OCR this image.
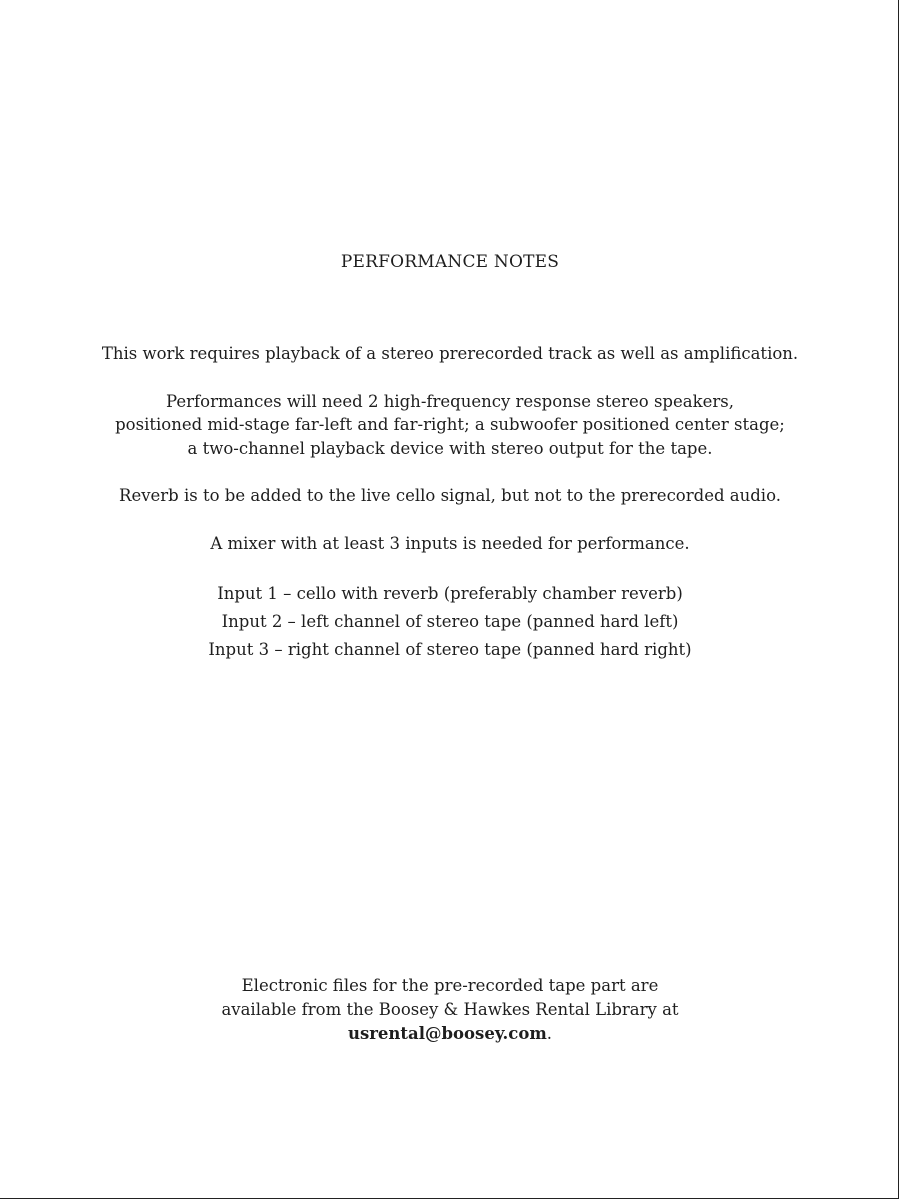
PERFORMANCE NOTES

This work requires playback of a stereo prerecorded track as well as amplification.

Performances will need 2 high-frequency response stereo speakers,

positioned mid-stage far-left and far-right; a subwoofer positioned center stage;

a two-channel playback device with stereo output for the tape.

Reverb is to be added to the live cello signal, but not to the prerecorded audio.

A mixer with at least 3 inputs is needed for performance.

Input 1 – cello with reverb (preferably chamber reverb)

Input 2 – left channel of stereo tape (panned hard left)

Input 3 – right channel of stereo tape (panned hard right)

Electronic files for the pre-recorded tape part are

available from the Boosey & Hawkes Rental Library at

usrental@boosey.com.
